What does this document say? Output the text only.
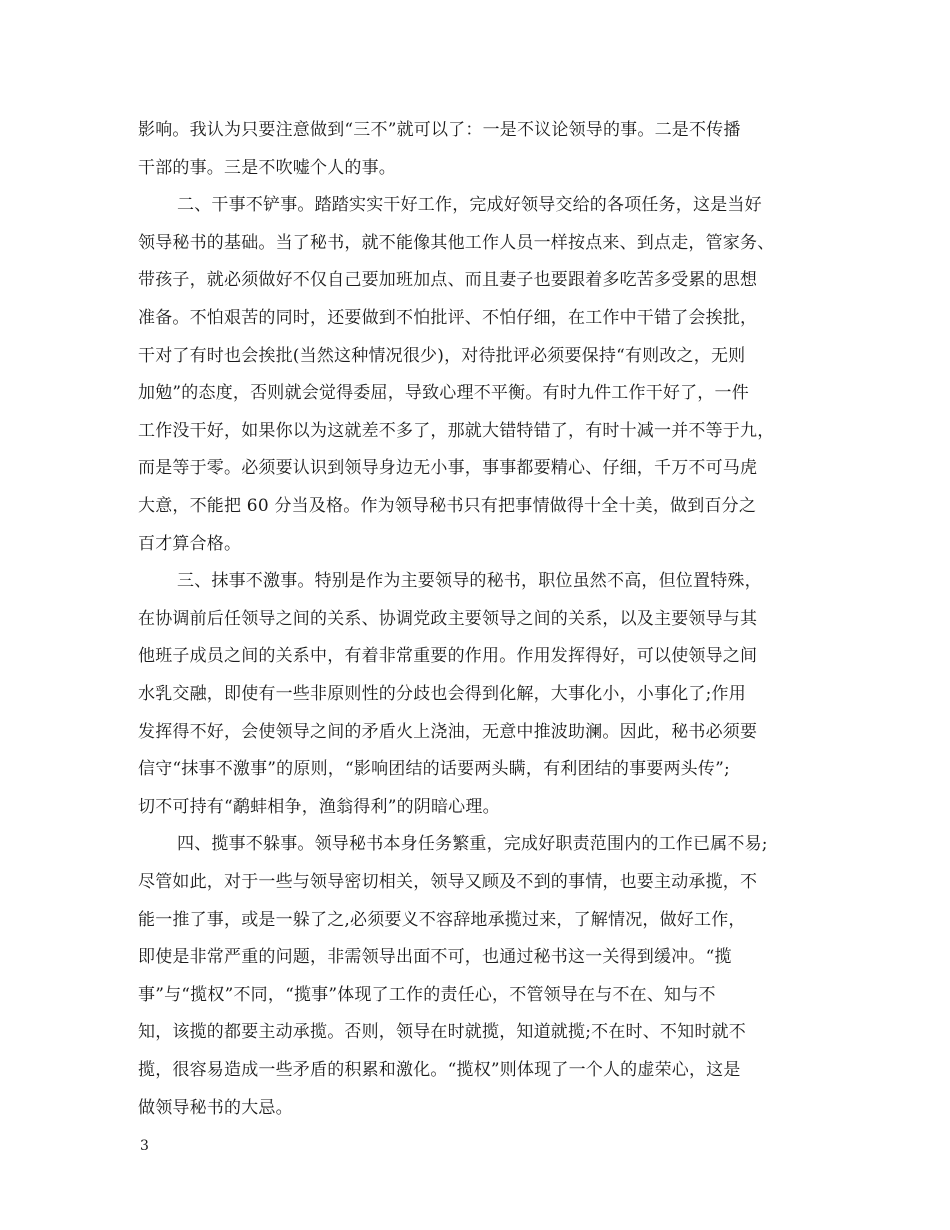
影响。我认为只要注意做到“三不”就可以了：一是不议论领导的事。二是不传播
干部的事。三是不吹嘘个人的事。
二、干事不铲事。踏踏实实干好工作，完成好领导交给的各项任务，这是当好
领导秘书的基础。当了秘书，就不能像其他工作人员一样按点来、到点走，管家务、
带孩子，就必须做好不仅自己要加班加点、而且妻子也要跟着多吃苦多受累的思想
准备。不怕艰苦的同时，还要做到不怕批评、不怕仔细，在工作中干错了会挨批，
干对了有时也会挨批(当然这种情况很少)，对待批评必须要保持“有则改之，无则
加勉”的态度，否则就会觉得委屈，导致心理不平衡。有时九件工作干好了，一件
工作没干好，如果你以为这就差不多了，那就大错特错了，有时十减一并不等于九，
而是等于零。必须要认识到领导身边无小事，事事都要精心、仔细，千万不可马虎
大意，不能把 60 分当及格。作为领导秘书只有把事情做得十全十美，做到百分之
百才算合格。
三、抹事不激事。特别是作为主要领导的秘书，职位虽然不高，但位置特殊，
在协调前后任领导之间的关系、协调党政主要领导之间的关系，以及主要领导与其
他班子成员之间的关系中，有着非常重要的作用。作用发挥得好，可以使领导之间
水乳交融，即使有一些非原则性的分歧也会得到化解，大事化小，小事化了;作用
发挥得不好，会使领导之间的矛盾火上浇油，无意中推波助澜。因此，秘书必须要
信守“抹事不激事”的原则，“影响团结的话要两头瞒，有利团结的事要两头传”;
切不可持有“鹬蚌相争，渔翁得利”的阴暗心理。
四、揽事不躲事。领导秘书本身任务繁重，完成好职责范围内的工作已属不易;
尽管如此，对于一些与领导密切相关，领导又顾及不到的事情，也要主动承揽，不
能一推了事，或是一躲了之,必须要义不容辞地承揽过来，了解情况，做好工作，
即使是非常严重的问题，非需领导出面不可，也通过秘书这一关得到缓冲。“揽
事”与“揽权”不同，“揽事”体现了工作的责任心，不管领导在与不在、知与不
知，该揽的都要主动承揽。否则，领导在时就揽，知道就揽;不在时、不知时就不
揽，很容易造成一些矛盾的积累和激化。“揽权”则体现了一个人的虚荣心，这是
做领导秘书的大忌。
3
